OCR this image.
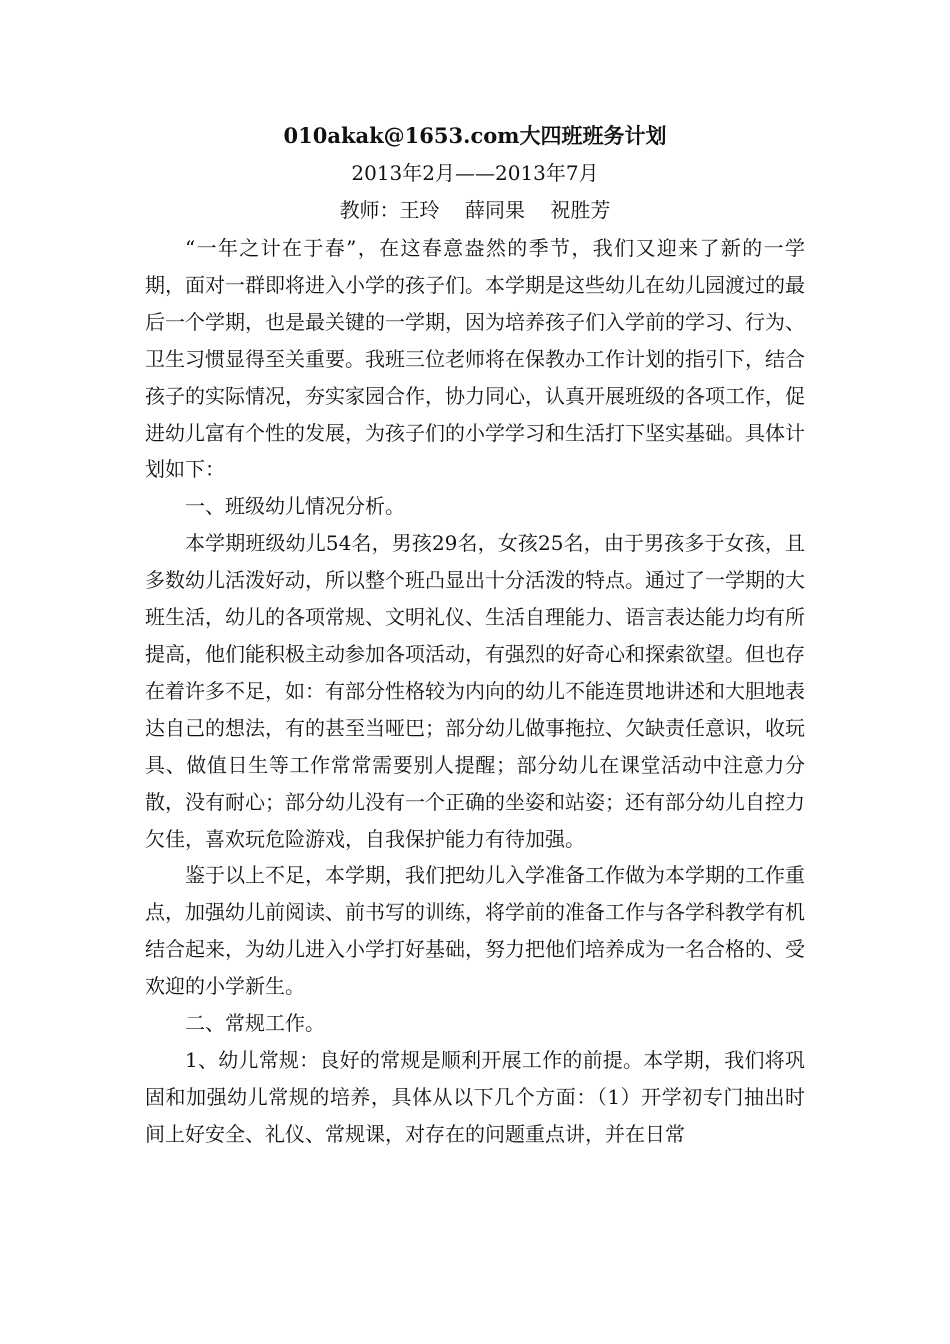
010akak@1653.com大四班班务计划
2013年2月——2013年7月
教师：王玲    薛同果    祝胜芳

“一年之计在于春”，在这春意盎然的季节，我们又迎来了新的一学期，面对一群即将进入小学的孩子们。本学期是这些幼儿在幼儿园渡过的最后一个学期，也是最关键的一学期，因为培养孩子们入学前的学习、行为、卫生习惯显得至关重要。我班三位老师将在保教办工作计划的指引下，结合孩子的实际情况，夯实家园合作，协力同心，认真开展班级的各项工作，促进幼儿富有个性的发展，为孩子们的小学学习和生活打下坚实基础。具体计划如下：

一、班级幼儿情况分析。

本学期班级幼儿54名，男孩29名，女孩25名，由于男孩多于女孩，且多数幼儿活泼好动，所以整个班凸显出十分活泼的特点。通过了一学期的大班生活，幼儿的各项常规、文明礼仪、生活自理能力、语言表达能力均有所提高，他们能积极主动参加各项活动，有强烈的好奇心和探索欲望。但也存在着许多不足，如：有部分性格较为内向的幼儿不能连贯地讲述和大胆地表达自己的想法，有的甚至当哑巴；部分幼儿做事拖拉、欠缺责任意识，收玩具、做值日生等工作常常需要别人提醒；部分幼儿在课堂活动中注意力分散，没有耐心；部分幼儿没有一个正确的坐姿和站姿；还有部分幼儿自控力欠佳，喜欢玩危险游戏，自我保护能力有待加强。

鉴于以上不足，本学期，我们把幼儿入学准备工作做为本学期的工作重点，加强幼儿前阅读、前书写的训练，将学前的准备工作与各学科教学有机结合起来，为幼儿进入小学打好基础，努力把他们培养成为一名合格的、受欢迎的小学新生。

二、常规工作。

1、幼儿常规：良好的常规是顺利开展工作的前提。本学期，我们将巩固和加强幼儿常规的培养，具体从以下几个方面：（1）开学初专门抽出时间上好安全、礼仪、常规课，对存在的问题重点讲，并在日常
